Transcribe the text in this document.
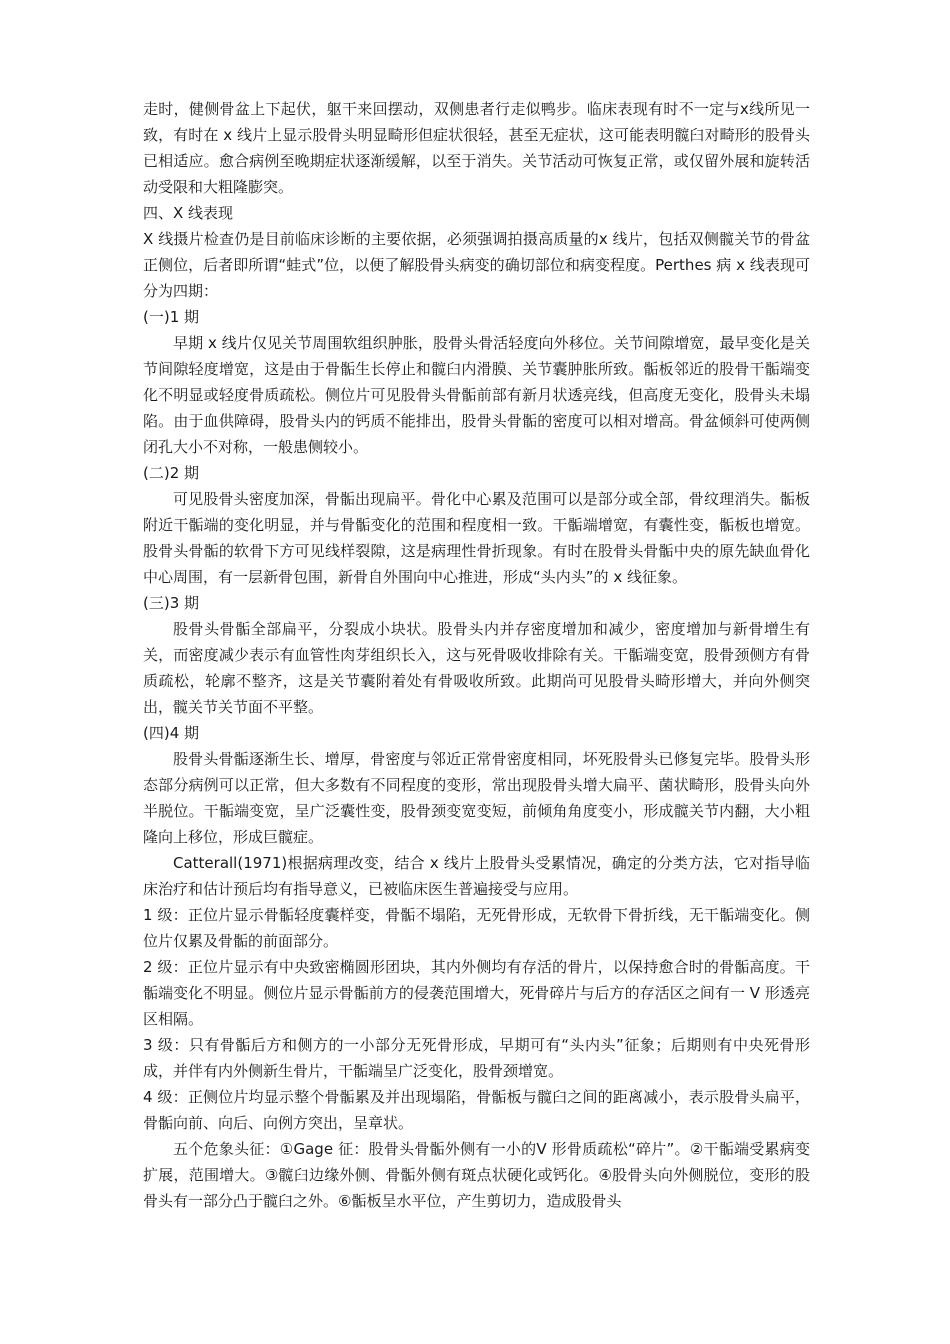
走时，健侧骨盆上下起伏，躯干来回摆动，双侧患者行走似鸭步。临床表现有时不一定与x线所见一致，有时在 x 线片上显示股骨头明显畸形但症状很轻，甚至无症状，这可能表明髋臼对畸形的股骨头已相适应。愈合病例至晚期症状逐渐缓解，以至于消失。关节活动可恢复正常，或仅留外展和旋转活动受限和大粗隆膨突。

四、X 线表现

X 线摄片检查仍是目前临床诊断的主要依据，必须强调拍摄高质量的x 线片，包括双侧髋关节的骨盆正侧位，后者即所谓“蛙式”位，以便了解股骨头病变的确切部位和病变程度。Perthes 病 x 线表现可分为四期：

(一)1 期

早期 x 线片仅见关节周围软组织肿胀，股骨头骨活轻度向外移位。关节间隙增宽，最早变化是关节间隙轻度增宽，这是由于骨骺生长停止和髋臼内滑膜、关节囊肿胀所致。骺板邻近的股骨干骺端变化不明显或轻度骨质疏松。侧位片可见股骨头骨骺前部有新月状透亮线，但高度无变化，股骨头未塌陷。由于血供障碍，股骨头内的钙质不能排出，股骨头骨骺的密度可以相对增高。骨盆倾斜可使两侧闭孔大小不对称，一般患侧较小。

(二)2 期

可见股骨头密度加深，骨骺出现扁平。骨化中心累及范围可以是部分或全部，骨纹理消失。骺板附近干骺端的变化明显，并与骨骺变化的范围和程度相一致。干骺端增宽，有囊性变，骺板也增宽。股骨头骨骺的软骨下方可见线样裂隙，这是病理性骨折现象。有时在股骨头骨骺中央的原先缺血骨化中心周围，有一层新骨包围，新骨自外围向中心推进，形成“头内头”的 x 线征象。

(三)3 期

股骨头骨骺全部扁平，分裂成小块状。股骨头内并存密度增加和减少，密度增加与新骨增生有关，而密度减少表示有血管性肉芽组织长入，这与死骨吸收排除有关。干骺端变宽，股骨颈侧方有骨质疏松，轮廓不整齐，这是关节囊附着处有骨吸收所致。此期尚可见股骨头畸形增大，并向外侧突出，髋关节关节面不平整。

(四)4 期

股骨头骨骺逐渐生长、增厚，骨密度与邻近正常骨密度相同，坏死股骨头已修复完毕。股骨头形态部分病例可以正常，但大多数有不同程度的变形，常出现股骨头增大扁平、菌状畸形，股骨头向外半脱位。干骺端变宽，呈广泛囊性变，股骨颈变宽变短，前倾角角度变小，形成髋关节内翻，大小粗隆向上移位，形成巨髋症。

Catterall(1971)根据病理改变，结合 x 线片上股骨头受累情况，确定的分类方法，它对指导临床治疗和估计预后均有指导意义，已被临床医生普遍接受与应用。

1 级：正位片显示骨骺轻度囊样变，骨骺不塌陷，无死骨形成，无软骨下骨折线，无干骺端变化。侧位片仅累及骨骺的前面部分。

2 级：正位片显示有中央致密椭圆形团块，其内外侧均有存活的骨片，以保持愈合时的骨骺高度。干骺端变化不明显。侧位片显示骨骺前方的侵袭范围增大，死骨碎片与后方的存活区之间有一 V 形透亮区相隔。

3 级：只有骨骺后方和侧方的一小部分无死骨形成，早期可有“头内头”征象；后期则有中央死骨形成，并伴有内外侧新生骨片，干骺端呈广泛变化，股骨颈增宽。

4 级：正侧位片均显示整个骨骺累及并出现塌陷，骨骺板与髋臼之间的距离减小，表示股骨头扁平，骨骺向前、向后、向例方突出，呈章状。

五个危象头征：①Gage 征：股骨头骨骺外侧有一小的V 形骨质疏松“碎片”。②干骺端受累病变扩展，范围增大。③髋臼边缘外侧、骨骺外侧有斑点状硬化或钙化。④股骨头向外侧脱位，变形的股骨头有一部分凸于髋臼之外。⑥骺板呈水平位，产生剪切力，造成股骨头
